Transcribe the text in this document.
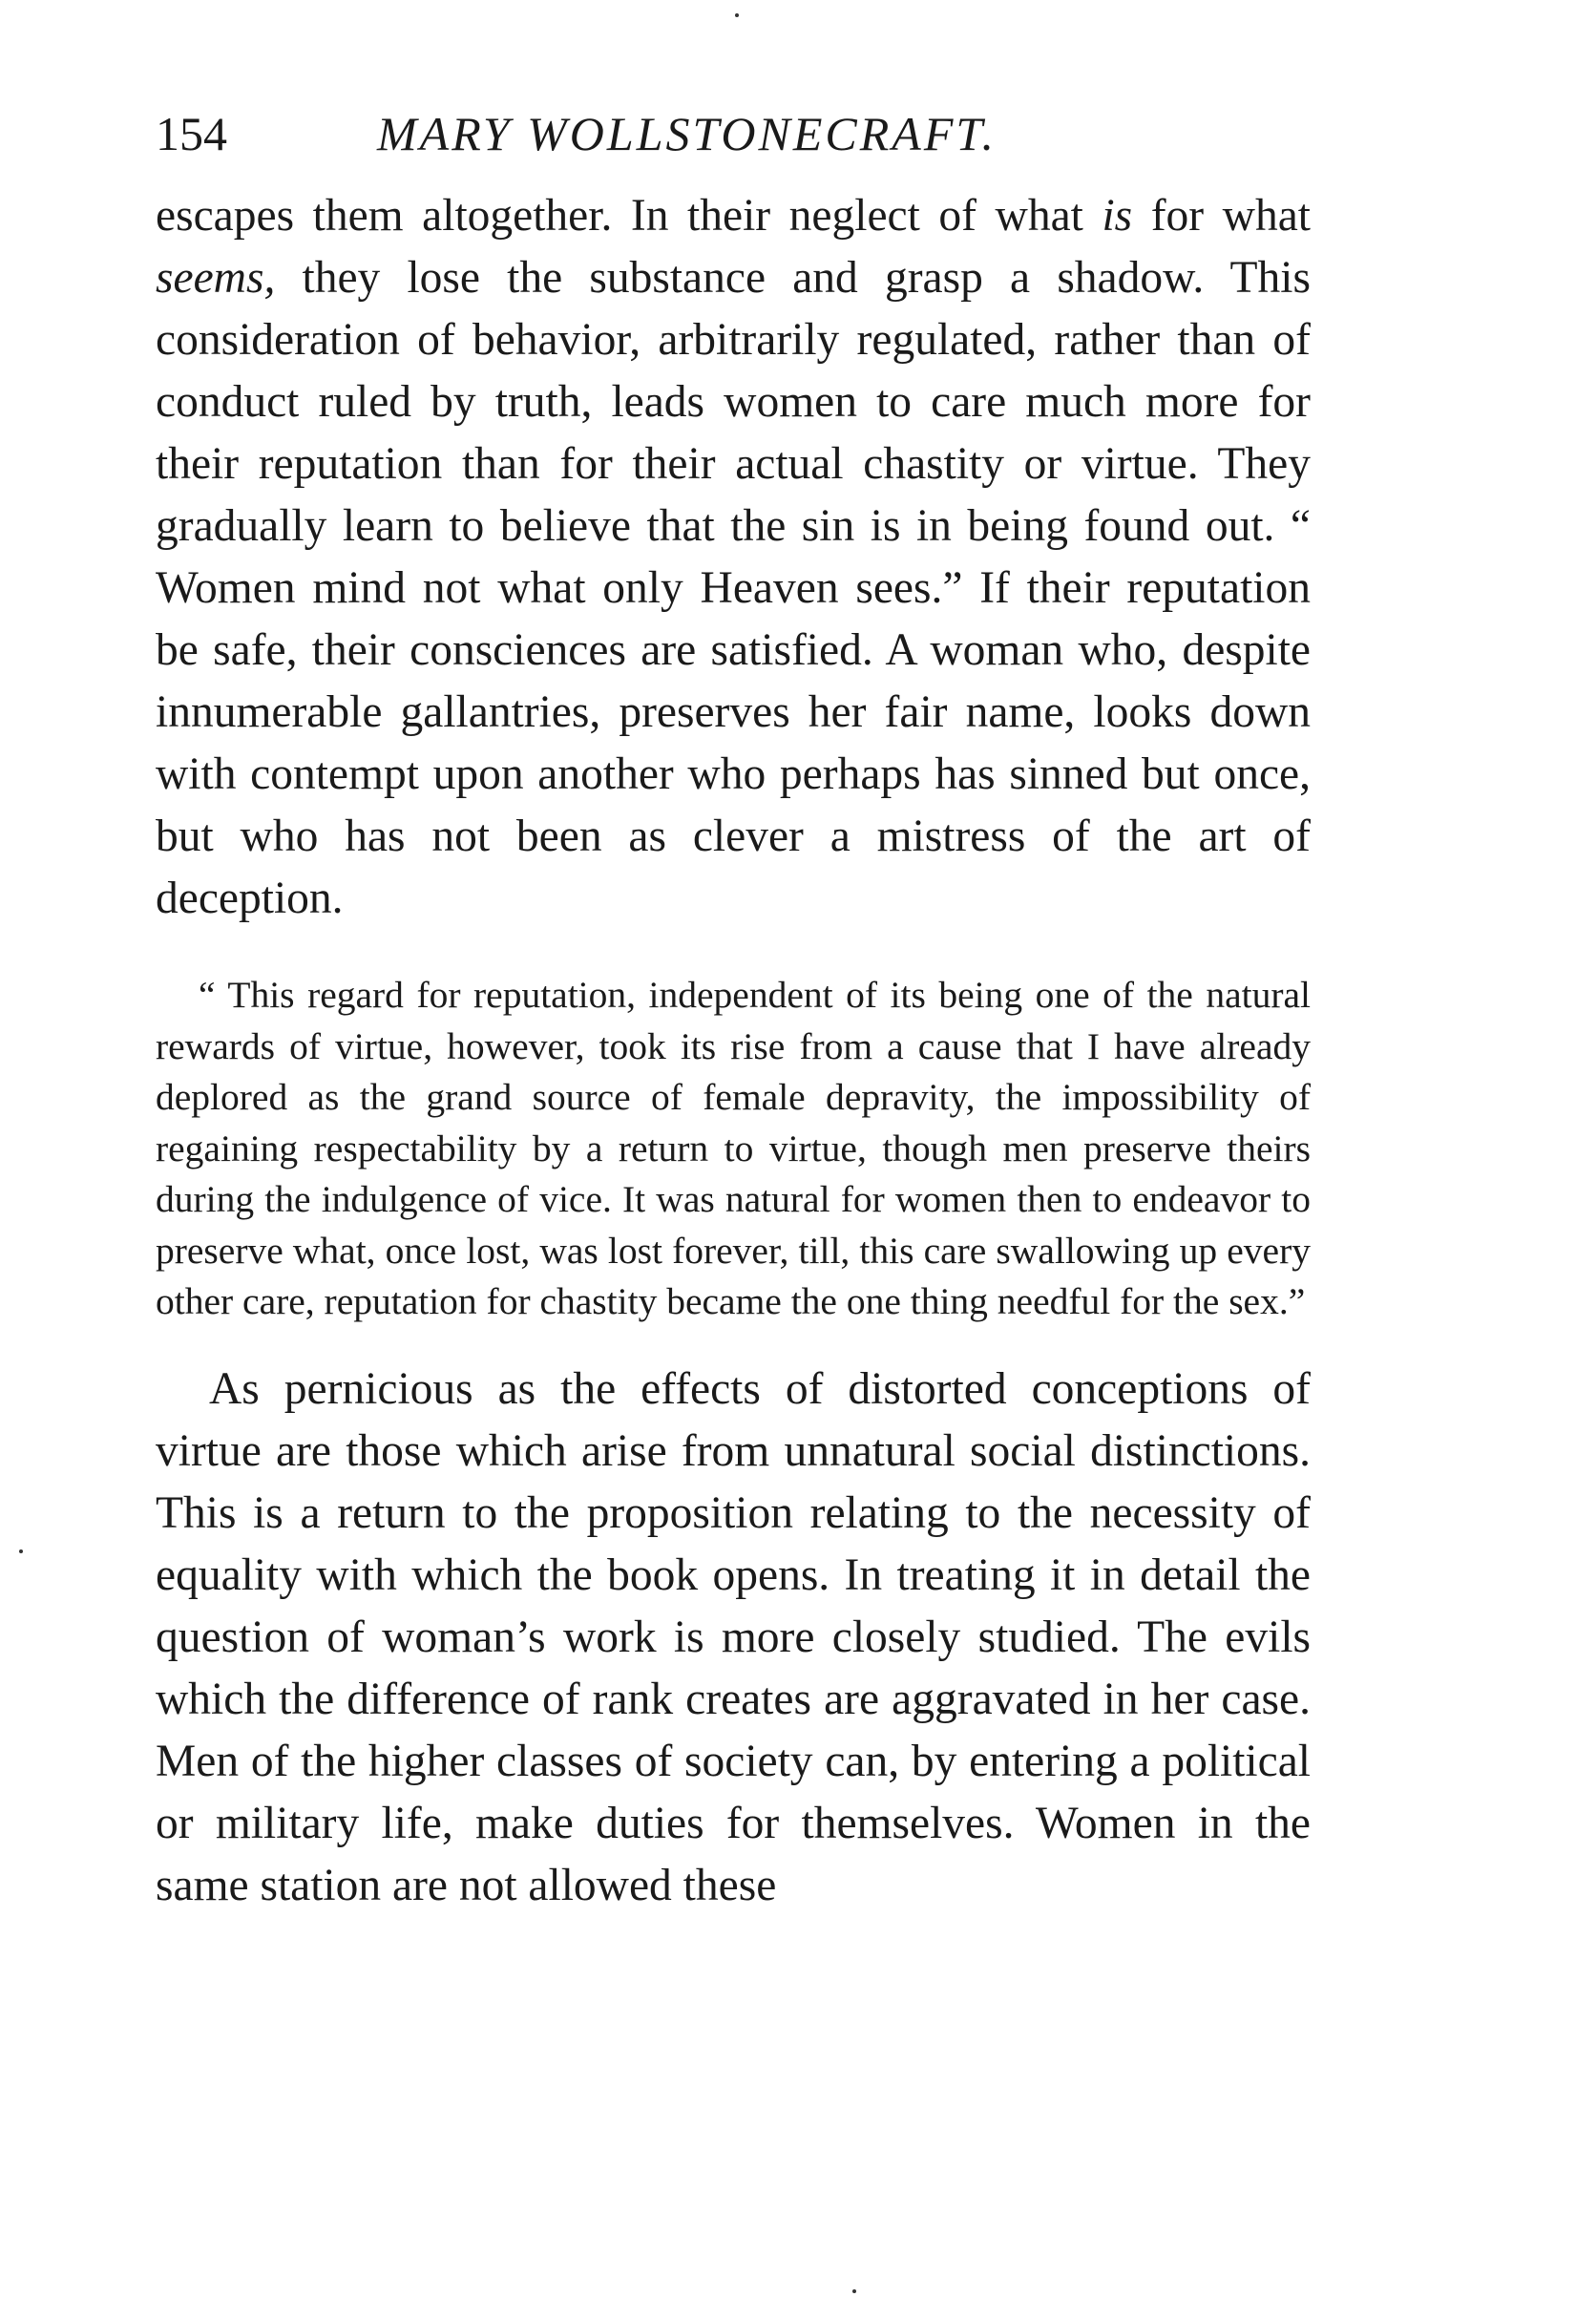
154	MARY WOLLSTONECRAFT.

escapes them altogether. In their neglect of what is for what seems, they lose the substance and grasp a shadow. This consideration of behavior, arbitrarily regulated, rather than of conduct ruled by truth, leads women to care much more for their reputation than for their actual chastity or virtue. They gradually learn to believe that the sin is in being found out. “ Women mind not what only Heaven sees.” If their reputation be safe, their consciences are satisfied. A woman who, despite innumerable gallantries, preserves her fair name, looks down with contempt upon another who perhaps has sinned but once, but who has not been as clever a mistress of the art of deception.

“ This regard for reputation, independent of its being one of the natural rewards of virtue, however, took its rise from a cause that I have already deplored as the grand source of female depravity, the impossibility of regaining respectability by a return to virtue, though men preserve theirs during the indulgence of vice. It was natural for women then to endeavor to preserve what, once lost, was lost forever, till, this care swallowing up every other care, reputation for chastity became the one thing needful for the sex.”

As pernicious as the effects of distorted conceptions of virtue are those which arise from unnatural social distinctions. This is a return to the proposition relating to the necessity of equality with which the book opens. In treating it in detail the question of woman’s work is more closely studied. The evils which the difference of rank creates are aggravated in her case. Men of the higher classes of society can, by entering a political or military life, make duties for themselves. Women in the same station are not allowed these
